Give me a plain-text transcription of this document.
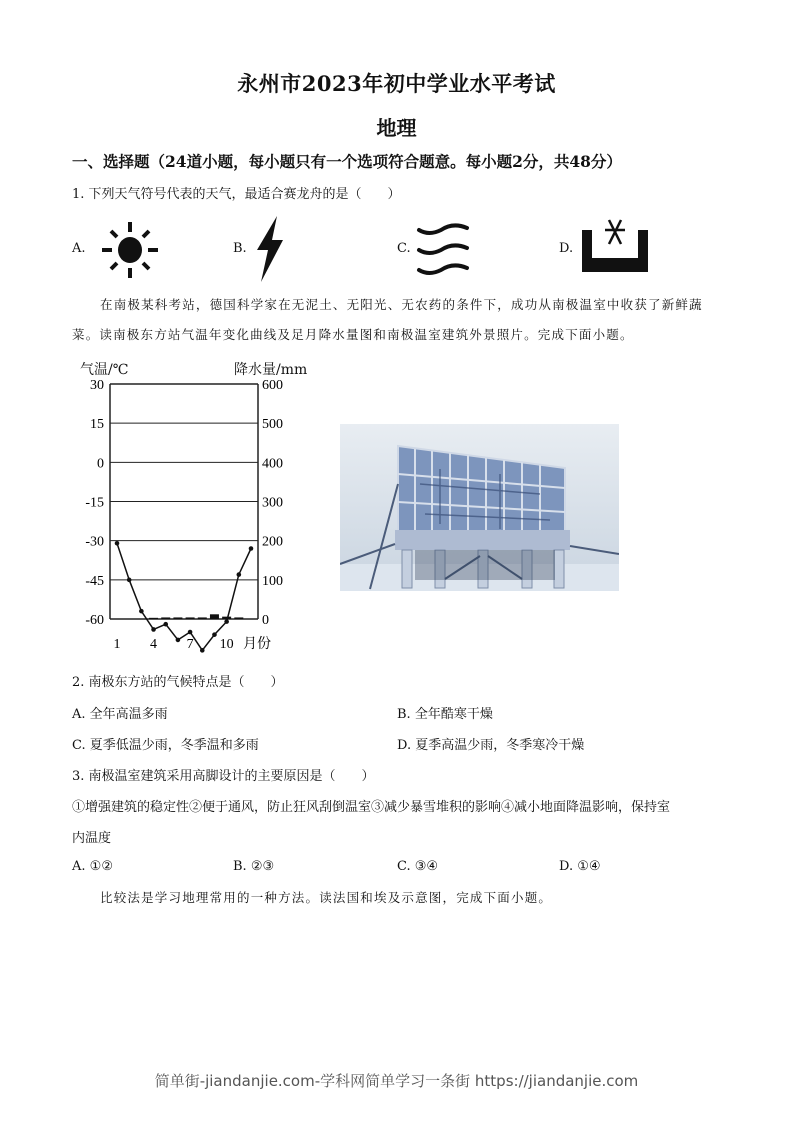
永州市2023年初中学业水平考试
地理
一、选择题（24道小题，每小题只有一个选项符合题意。每小题2分，共48分）
1. 下列天气符号代表的天气，最适合赛龙舟的是（　　）
A.	B.	C.	D.
在南极某科考站，德国科学家在无泥土、无阳光、无农药的条件下，成功从南极温室中收获了新鲜蔬
菜。读南极东方站气温年变化曲线及足月降水量图和南极温室建筑外景照片。完成下面小题。
气温/℃	降水量/mm
30	600
15	500
0	400
-15	300
-30	200
-45	100
-60	0
1 4 7 10 月份
2. 南极东方站的气候特点是（　　）
A. 全年高温多雨	B. 全年酷寒干燥
C. 夏季低温少雨，冬季温和多雨	D. 夏季高温少雨，冬季寒冷干燥
3. 南极温室建筑采用高脚设计的主要原因是（　　）
①增强建筑的稳定性②便于通风，防止狂风刮倒温室③减少暴雪堆积的影响④减小地面降温影响，保持室
内温度
A. ①②	B. ②③	C. ③④	D. ①④
比较法是学习地理常用的一种方法。读法国和埃及示意图，完成下面小题。
简单街-jiandanjie.com-学科网简单学习一条街 https://jiandanjie.com
